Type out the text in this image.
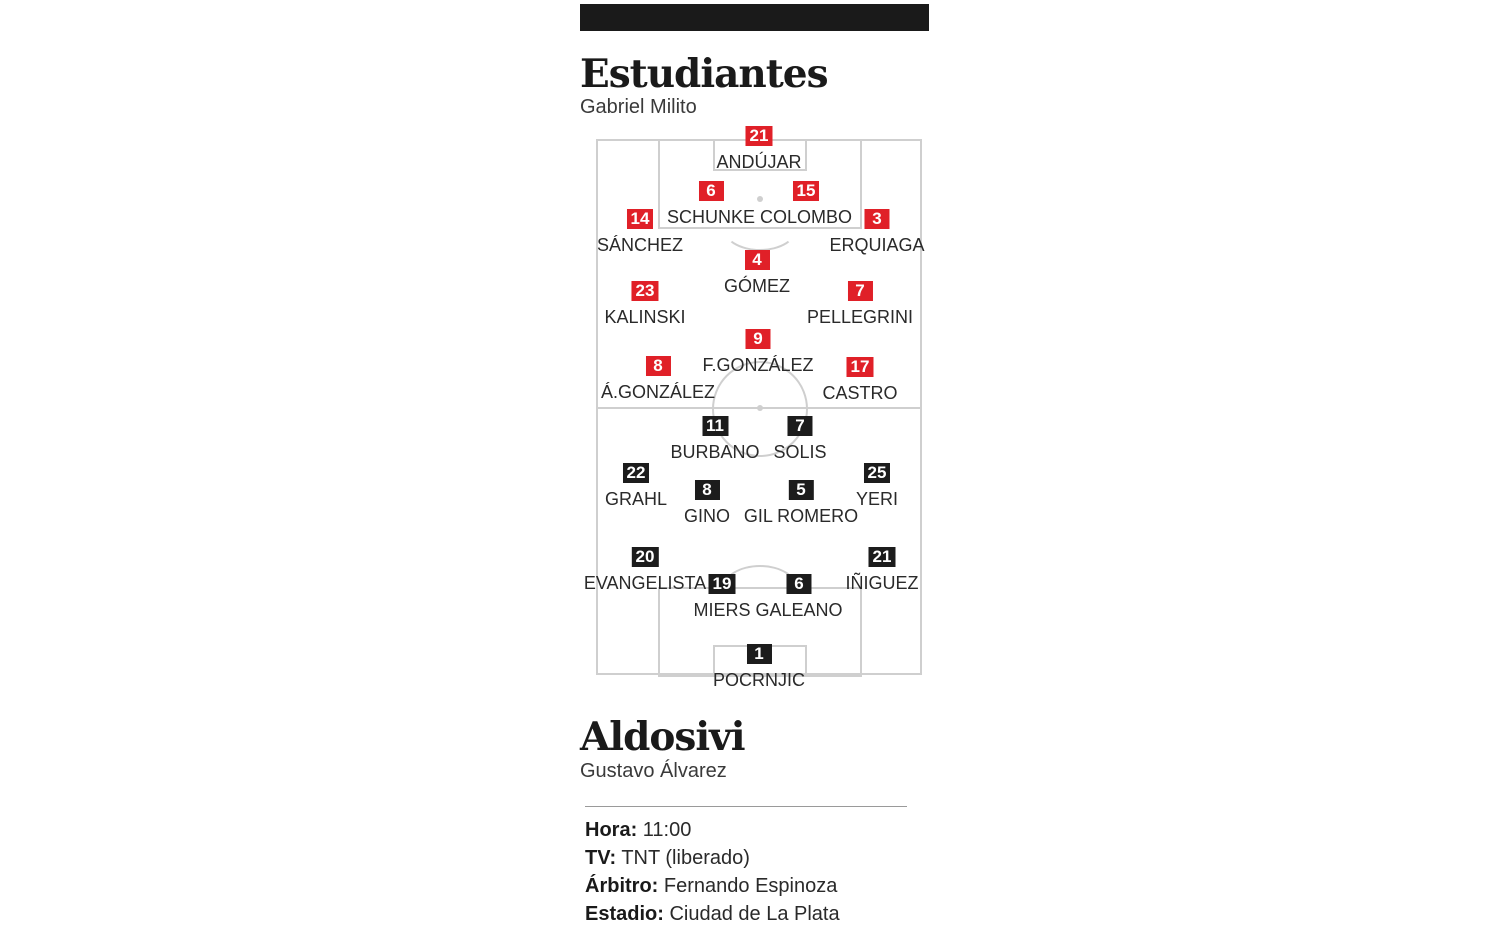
Estudiantes
Gabriel Milito
21
ANDÚJAR
6
SCHUNKE
15
COLOMBO
14
SÁNCHEZ
3
ERQUIAGA
4
GÓMEZ
23
KALINSKI
7
PELLEGRINI
9
F.GONZÁLEZ
8
Á.GONZÁLEZ
17
CASTRO
11
BURBANO
7
SOLIS
22
GRAHL	8
GINO
5
GIL ROMERO
25
YERI
20
EVANGELISTA 19
MIERS
6
GALEANO
21
IÑIGUEZ
1
POCRNJIC
Aldosivi
Gustavo Álvarez
Hora: 11:00
TV: TNT (liberado)
Árbitro: Fernando Espinoza
Estadio: Ciudad de La Plata
